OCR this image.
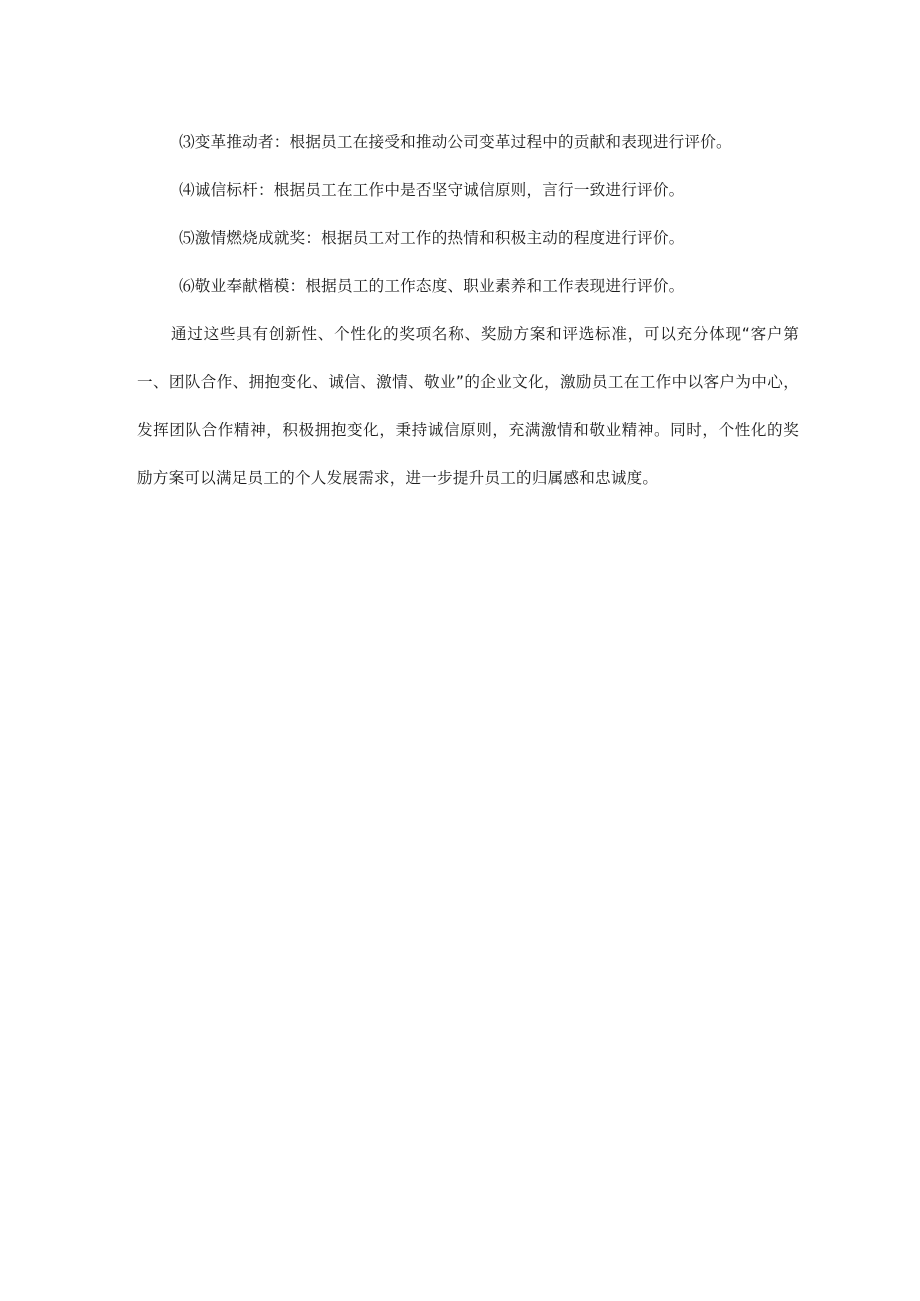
⑶变革推动者：根据员工在接受和推动公司变革过程中的贡献和表现进行评价。
⑷诚信标杆：根据员工在工作中是否坚守诚信原则，言行一致进行评价。
⑸激情燃烧成就奖：根据员工对工作的热情和积极主动的程度进行评价。
⑹敬业奉献楷模：根据员工的工作态度、职业素养和工作表现进行评价。

通过这些具有创新性、个性化的奖项名称、奖励方案和评选标准，可以充分体现“客户第一、团队合作、拥抱变化、诚信、激情、敬业”的企业文化，激励员工在工作中以客户为中心，发挥团队合作精神，积极拥抱变化，秉持诚信原则，充满激情和敬业精神。同时，个性化的奖励方案可以满足员工的个人发展需求，进一步提升员工的归属感和忠诚度。
